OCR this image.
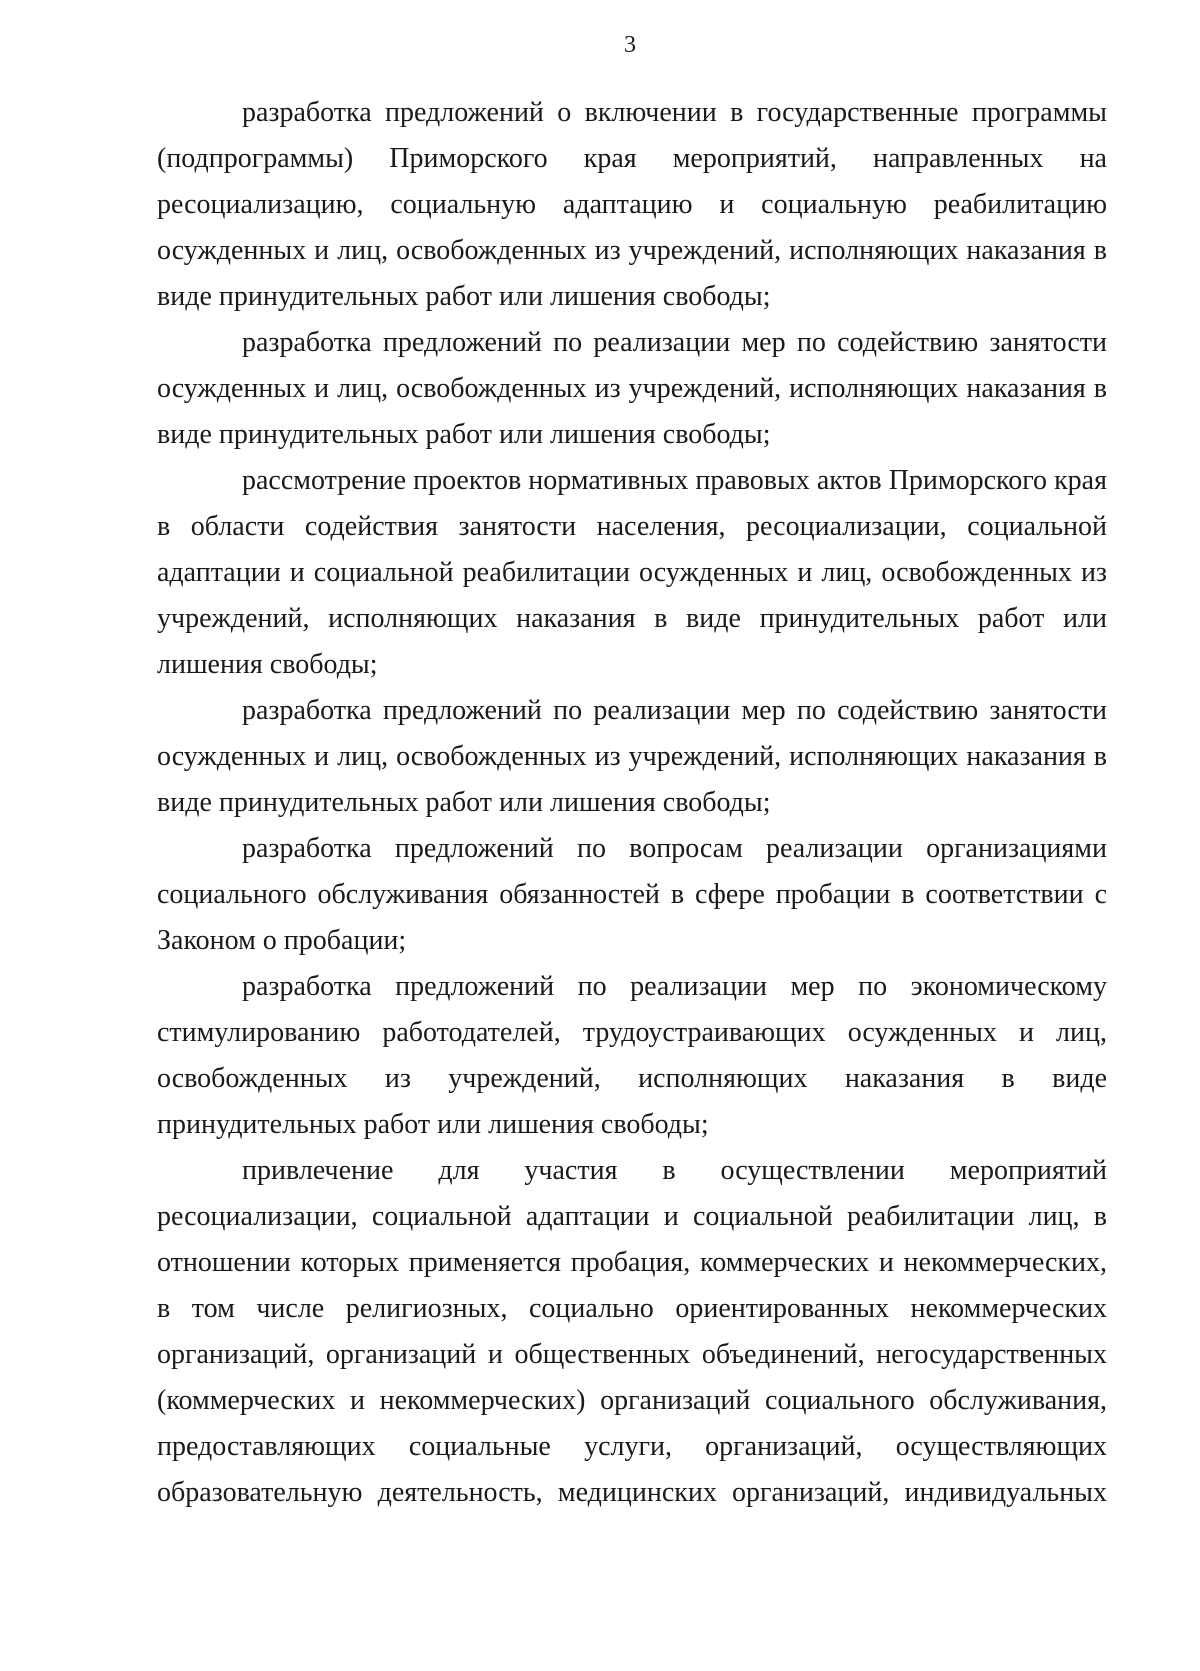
3

разработка предложений о включении в государственные программы (подпрограммы) Приморского края мероприятий, направленных на ресоциализацию, социальную адаптацию и социальную реабилитацию осужденных и лиц, освобожденных из учреждений, исполняющих наказания в виде принудительных работ или лишения свободы;

разработка предложений по реализации мер по содействию занятости осужденных и лиц, освобожденных из учреждений, исполняющих наказания в виде принудительных работ или лишения свободы;

рассмотрение проектов нормативных правовых актов Приморского края в области содействия занятости населения, ресоциализации, социальной адаптации и социальной реабилитации осужденных и лиц, освобожденных из учреждений, исполняющих наказания в виде принудительных работ или лишения свободы;

разработка предложений по реализации мер по содействию занятости осужденных и лиц, освобожденных из учреждений, исполняющих наказания в виде принудительных работ или лишения свободы;

разработка предложений по вопросам реализации организациями социального обслуживания обязанностей в сфере пробации в соответствии с Законом о пробации;

разработка предложений по реализации мер по экономическому стимулированию работодателей, трудоустраивающих осужденных и лиц, освобожденных из учреждений, исполняющих наказания в виде принудительных работ или лишения свободы;

привлечение для участия в осуществлении мероприятий ресоциализации, социальной адаптации и социальной реабилитации лиц, в отношении которых применяется пробация, коммерческих и некоммерческих, в том числе религиозных, социально ориентированных некоммерческих организаций, организаций и общественных объединений, негосударственных (коммерческих и некоммерческих) организаций социального обслуживания, предоставляющих социальные услуги, организаций, осуществляющих образовательную деятельность, медицинских организаций, индивидуальных
